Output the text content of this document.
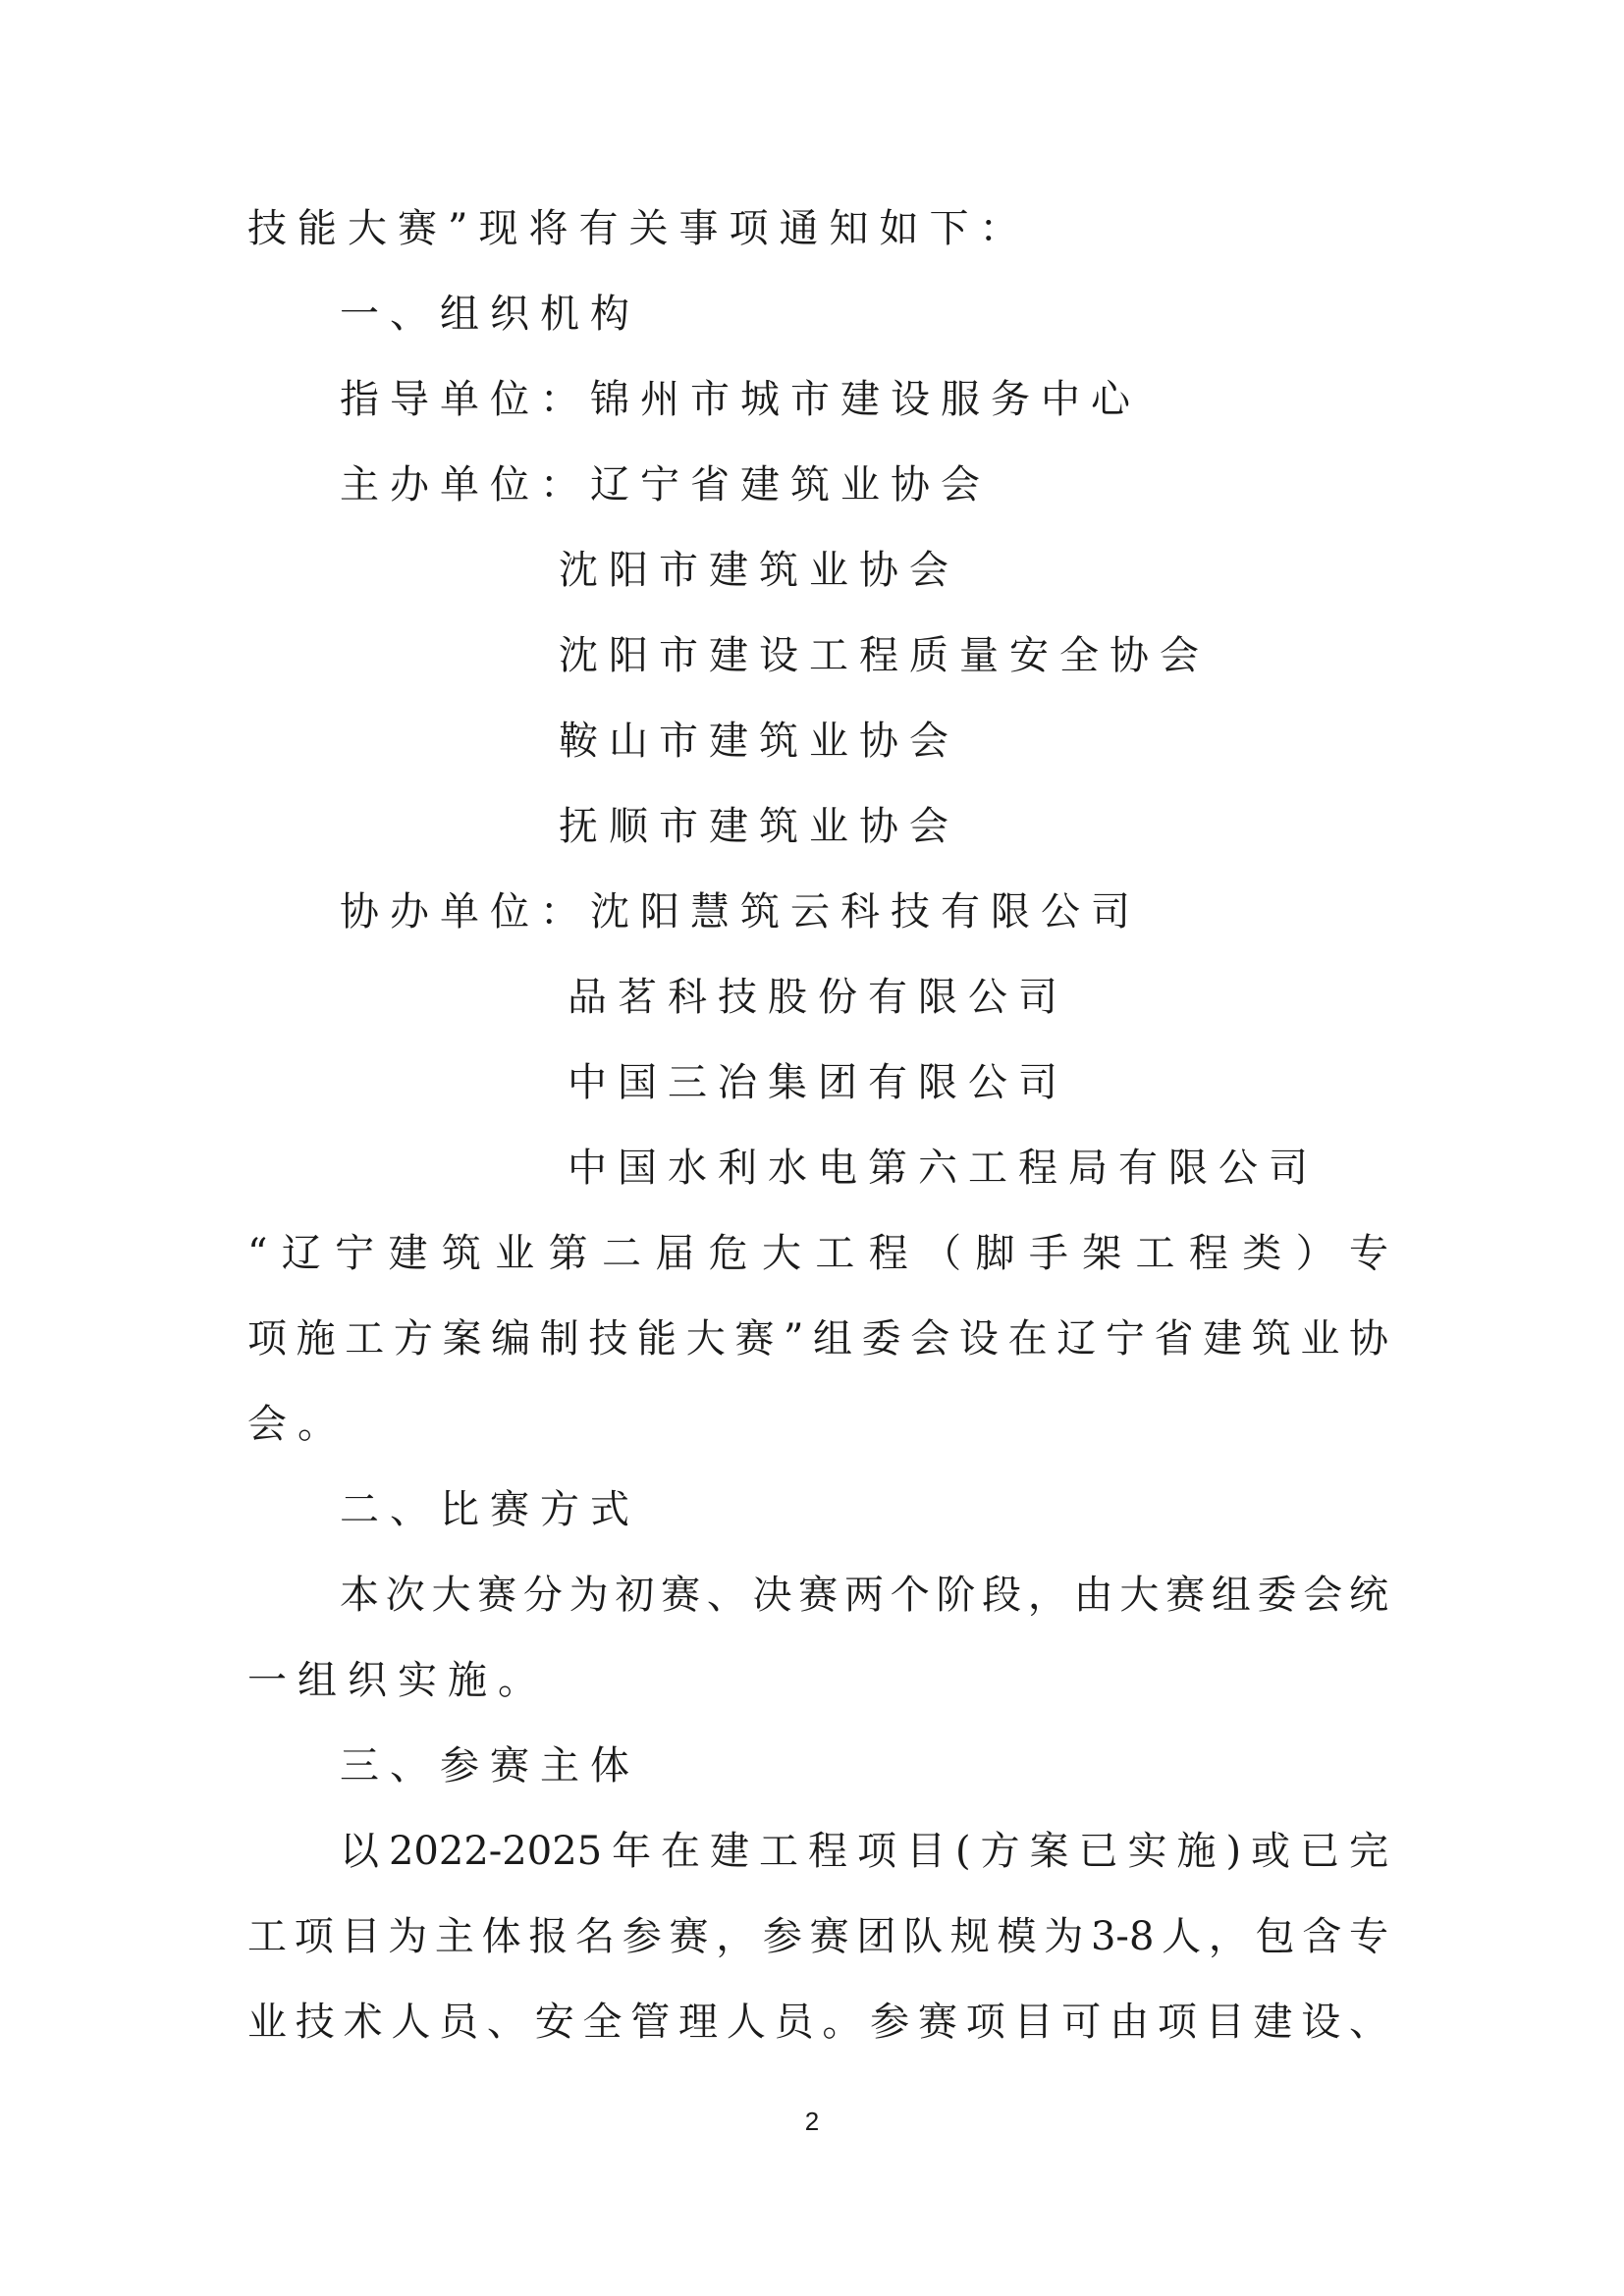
技能大赛”现将有关事项通知如下：

一、组织机构

指导单位：锦州市城市建设服务中心

主办单位：辽宁省建筑业协会

沈阳市建筑业协会

沈阳市建设工程质量安全协会

鞍山市建筑业协会

抚顺市建筑业协会

协办单位：沈阳慧筑云科技有限公司

品茗科技股份有限公司

中国三冶集团有限公司

中国水利水电第六工程局有限公司

“辽宁建筑业第二届危大工程（脚手架工程类）专

项施工方案编制技能大赛”组委会设在辽宁省建筑业协

会。

二、比赛方式

本次大赛分为初赛、决赛两个阶段，由大赛组委会统

一组织实施。

三、参赛主体

以2022-2025年在建工程项目(方案已实施)或已完

工项目为主体报名参赛，参赛团队规模为3-8人，包含专

业技术人员、安全管理人员。参赛项目可由项目建设、

2
